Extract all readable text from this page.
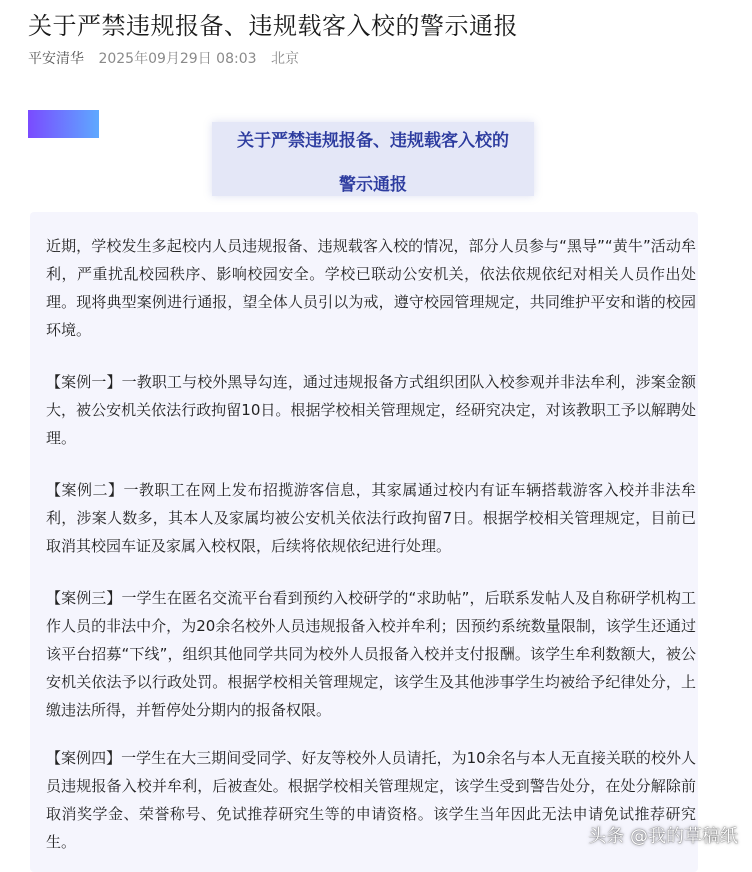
关于严禁违规报备、违规载客入校的警示通报
平安清华 2025年09月29日 08:03 北京
关于严禁违规报备、违规载客入校的
警示通报

近期，学校发生多起校内人员违规报备、违规载客入校的情况，部分人员参与“黑导”“黄牛”活动牟利，严重扰乱校园秩序、影响校园安全。学校已联动公安机关，依法依规依纪对相关人员作出处理。现将典型案例进行通报，望全体人员引以为戒，遵守校园管理规定，共同维护平安和谐的校园环境。

【案例一】一教职工与校外黑导勾连，通过违规报备方式组织团队入校参观并非法牟利，涉案金额大，被公安机关依法行政拘留10日。根据学校相关管理规定，经研究决定，对该教职工予以解聘处理。

【案例二】一教职工在网上发布招揽游客信息，其家属通过校内有证车辆搭载游客入校并非法牟利，涉案人数多，其本人及家属均被公安机关依法行政拘留7日。根据学校相关管理规定，目前已取消其校园车证及家属入校权限，后续将依规依纪进行处理。

【案例三】一学生在匿名交流平台看到预约入校研学的“求助帖”，后联系发帖人及自称研学机构工作人员的非法中介，为20余名校外人员违规报备入校并牟利；因预约系统数量限制，该学生还通过该平台招募“下线”，组织其他同学共同为校外人员报备入校并支付报酬。该学生牟利数额大，被公安机关依法予以行政处罚。根据学校相关管理规定，该学生及其他涉事学生均被给予纪律处分，上缴违法所得，并暂停处分期内的报备权限。

【案例四】一学生在大三期间受同学、好友等校外人员请托，为10余名与本人无直接关联的校外人员违规报备入校并牟利，后被查处。根据学校相关管理规定，该学生受到警告处分，在处分解除前取消奖学金、荣誉称号、免试推荐研究生等的申请资格。该学生当年因此无法申请免试推荐研究生。	头条 @我的草稿纸
